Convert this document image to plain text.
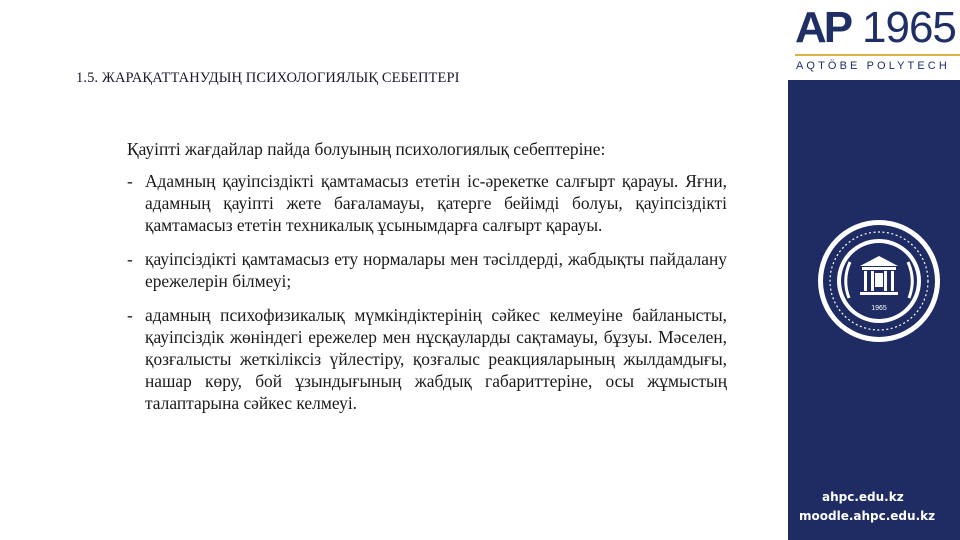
1.5. ЖАРАҚАТТАНУДЫҢ ПСИХОЛОГИЯЛЫҚ СЕБЕПТЕРІ

Қауіпті жағдайлар пайда болуының психологиялық себептеріне:

- Адамның қауіпсіздікті қамтамасыз ететін іс-әрекетке салғырт қарауы. Яғни, адамның қауіпті жете бағаламауы, қатерге бейімді болуы, қауіпсіздікті қамтамасыз ететін техникалық ұсынымдарға салғырт қарауы.
- қауіпсіздікті қамтамасыз ету нормалары мен тәсілдерді, жабдықты пайдалану ережелерін білмеуі;
- адамның психофизикалық мүмкіндіктерінің сәйкес келмеуіне байланысты, қауіпсіздік жөніндегі ережелер мен нұсқауларды сақтамауы, бұзуы. Мәселен, қозғалысты жеткіліксіз үйлестіру, қозғалыс реакцияларының жылдамдығы, нашар көру, бой ұзындығының жабдық габариттеріне, осы жұмыстың талаптарына сәйкес келмеуі.
AP 1965
AQTÖBE POLYTECH
1965
ahpc.edu.kz
moodle.ahpc.edu.kz
